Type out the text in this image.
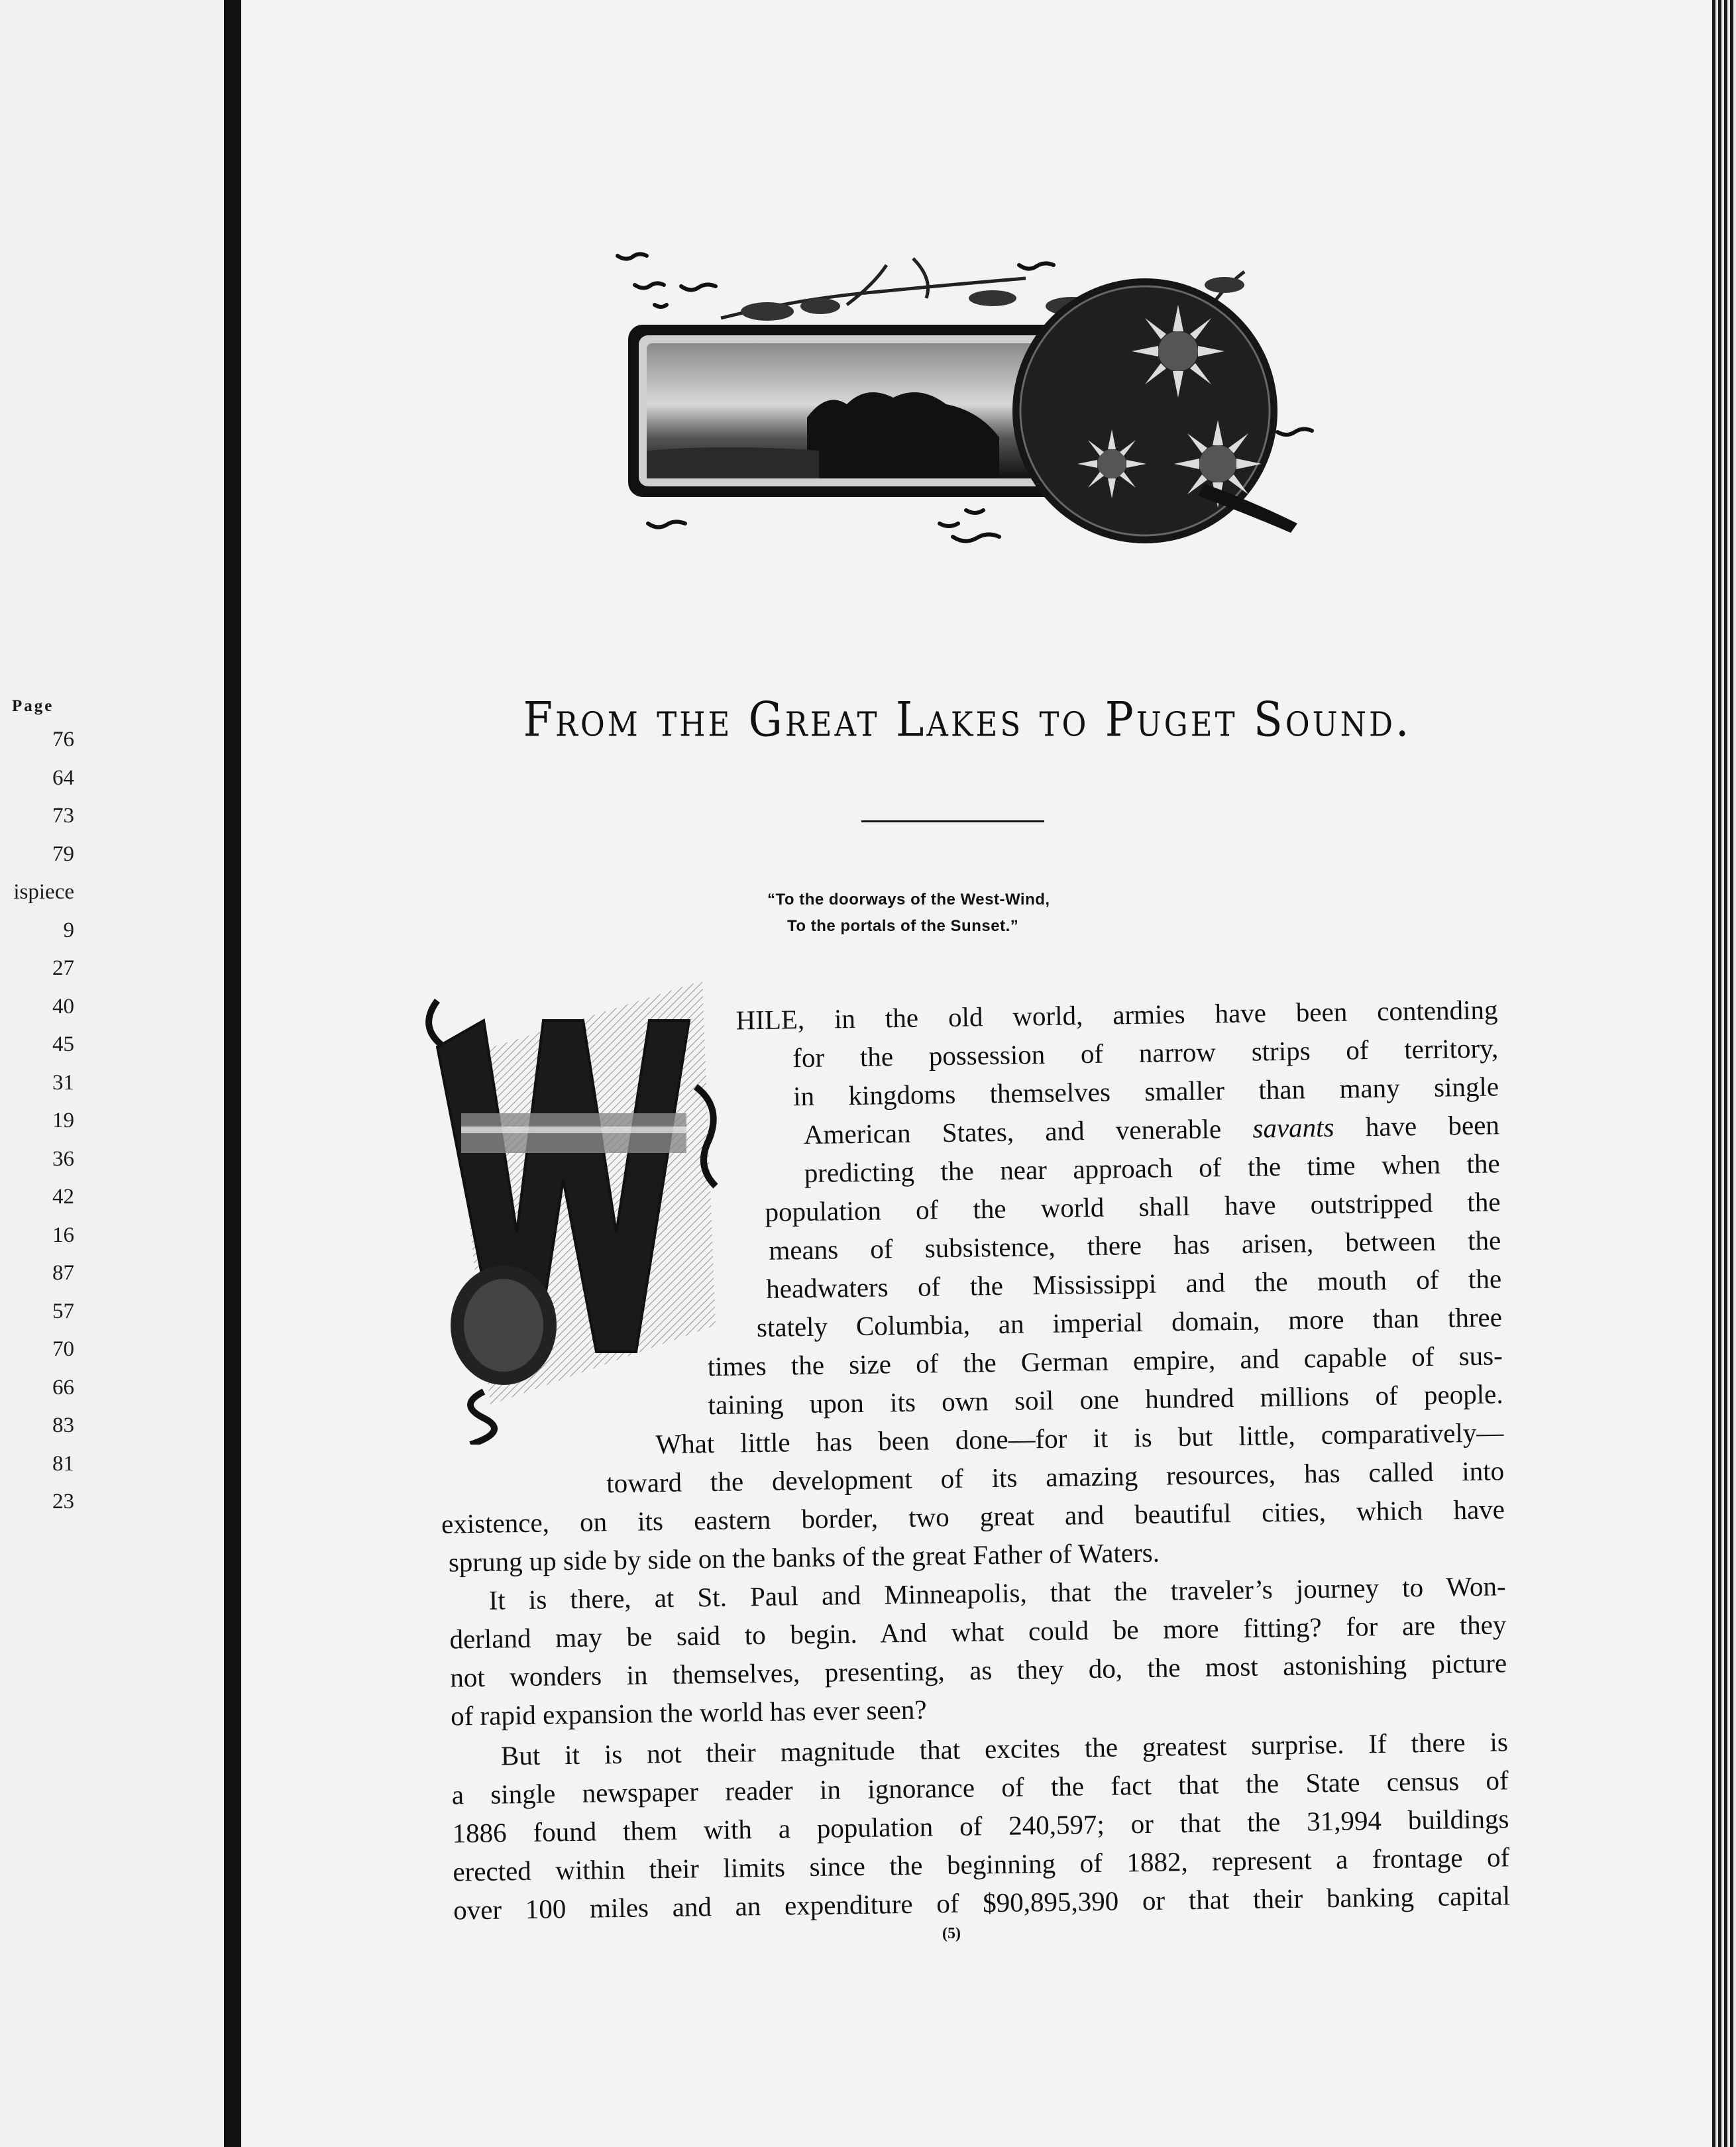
Page
76
64
73
79
ispiece
9
27
40
45
31
19
36
42
16
87
57
70
66
83
81
23
From the Great Lakes to Puget Sound.
“To the doorways of the West-Wind,
To the portals of the Sunset.”
HILE, in the old world, armies have been contending
for the possession of narrow strips of territory,
in kingdoms themselves smaller than many single
American States, and venerable savants have been
predicting the near approach of the time when the
population of the world shall have outstripped the
means of subsistence, there has arisen, between the
headwaters of the Mississippi and the mouth of the
stately Columbia, an imperial domain, more than three
times the size of the German empire, and capable of sus-
taining upon its own soil one hundred millions of people.
What little has been done—for it is but little, comparatively—
toward the development of its amazing resources, has called into
existence, on its eastern border, two great and beautiful cities, which have
sprung up side by side on the banks of the great Father of Waters.
It is there, at St. Paul and Minneapolis, that the traveler’s journey to Won-
derland may be said to begin. And what could be more fitting? for are they
not wonders in themselves, presenting, as they do, the most astonishing picture
of rapid expansion the world has ever seen?
But it is not their magnitude that excites the greatest surprise. If there is
a single newspaper reader in ignorance of the fact that the State census of
1886 found them with a population of 240,597; or that the 31,994 buildings
erected within their limits since the beginning of 1882, represent a frontage of
over 100 miles and an expenditure of $90,895,390 or that their banking capital
(5)
